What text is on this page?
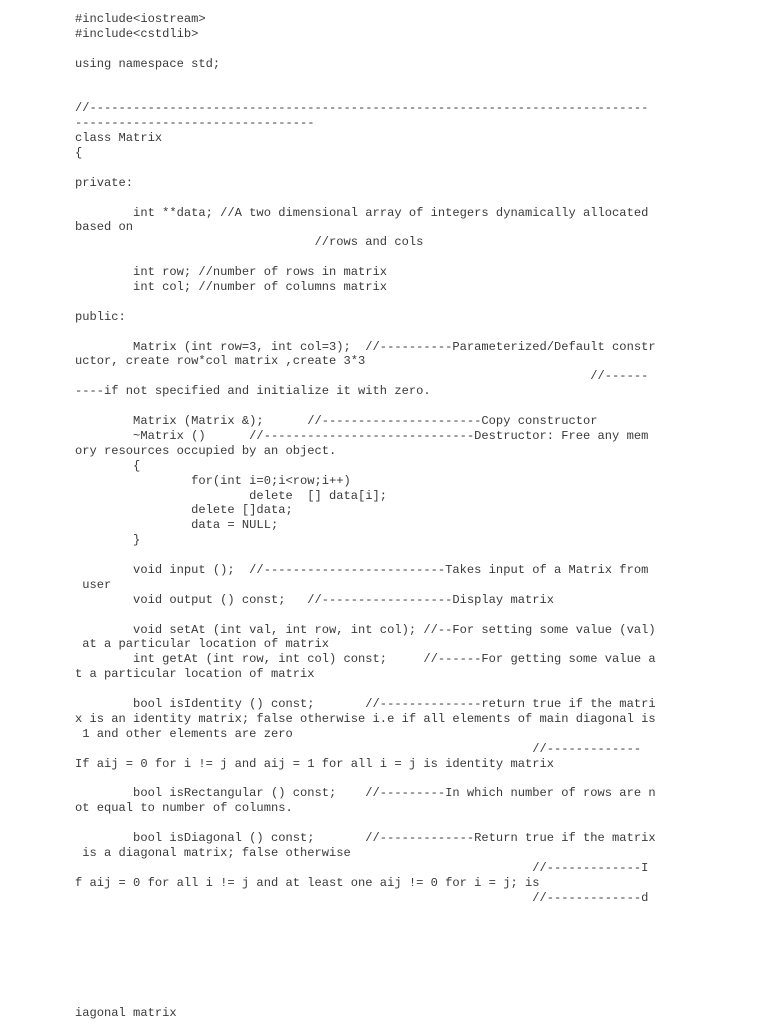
#include<iostream>
#include<cstdlib>
using namespace std;
//-----------------------------------------------------------------------------
---------------------------------
class Matrix
{
private:
int **data; //A two dimensional array of integers dynamically allocated
based on
//rows and cols
int row; //number of rows in matrix
int col; //number of columns matrix
public:
Matrix (int row=3, int col=3);  //----------Parameterized/Default constr
uctor, create row*col matrix ,create 3*3
//------
----if not specified and initialize it with zero.
Matrix (Matrix &);      //----------------------Copy constructor
~Matrix ()      //-----------------------------Destructor: Free any mem
ory resources occupied by an object.
{
for(int i=0;i<row;i++)
delete  [] data[i];
delete []data;
data = NULL;
}
void input ();  //-------------------------Takes input of a Matrix from
user
void output () const;   //------------------Display matrix
void setAt (int val, int row, int col); //--For setting some value (val)
at a particular location of matrix
int getAt (int row, int col) const;     //------For getting some value a
t a particular location of matrix
bool isIdentity () const;       //--------------return true if the matri
x is an identity matrix; false otherwise i.e if all elements of main diagonal is
1 and other elements are zero
//-------------
If aij = 0 for i != j and aij = 1 for all i = j is identity matrix
bool isRectangular () const;    //---------In which number of rows are n
ot equal to number of columns.
bool isDiagonal () const;       //-------------Return true if the matrix
is a diagonal matrix; false otherwise
//-------------I
f aij = 0 for all i != j and at least one aij != 0 for i = j; is
//-------------d
iagonal matrix
